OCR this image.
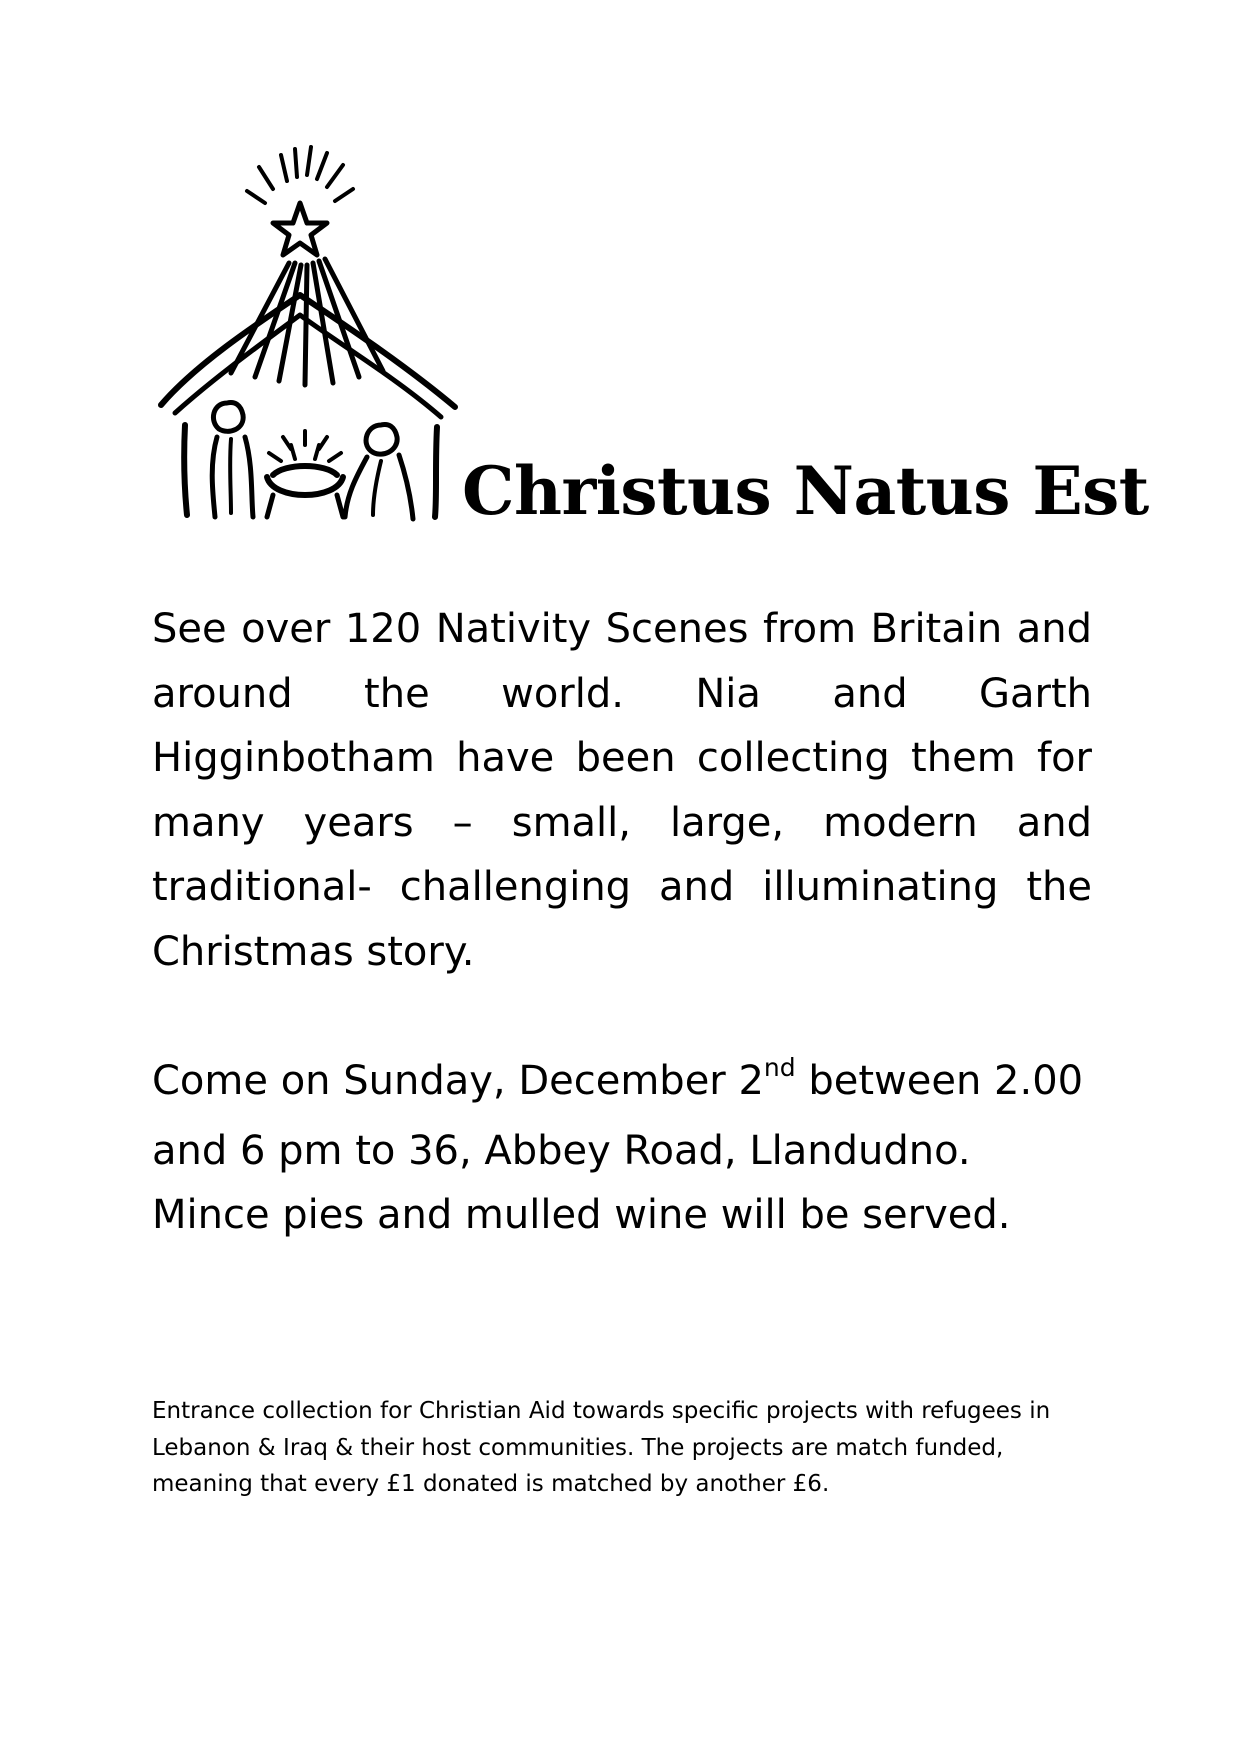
Christus Natus Est

See over 120 Nativity Scenes from Britain and around the world. Nia and Garth Higginbotham have been collecting them for many years – small, large, modern and traditional- challenging and illuminating the Christmas story.

Come on Sunday, December 2nd between 2.00 and 6 pm to 36, Abbey Road, Llandudno. Mince pies and mulled wine will be served.

Entrance collection for Christian Aid towards specific projects with refugees in Lebanon & Iraq & their host communities. The projects are match funded, meaning that every £1 donated is matched by another £6.
